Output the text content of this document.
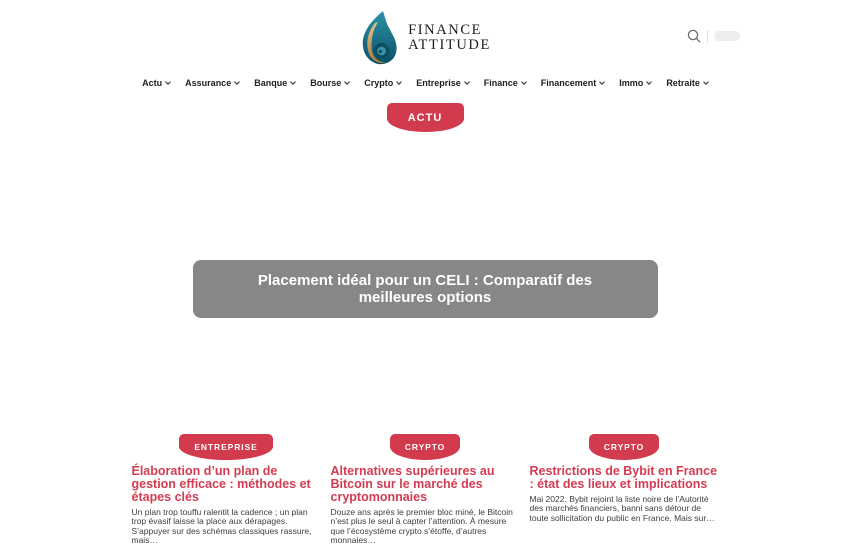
FINANCE
ATTITUDE
Actu	Assurance	Banque	Bourse	Crypto	Entreprise	Finance	Financement	Immo	Retraite
ACTU
Placement idéal pour un CELI : Comparatif des meilleures options
ENTREPRISE
Élaboration d’un plan de gestion efficace : méthodes et étapes clés

Un plan trop touffu ralentit la cadence ; un plan trop évasif laisse la place aux dérapages. S’appuyer sur des schémas classiques rassure, mais…

CRYPTO
Alternatives supérieures au Bitcoin sur le marché des cryptomonnaies

Douze ans après le premier bloc miné, le Bitcoin n’est plus le seul à capter l’attention. À mesure que l’écosystème crypto s’étoffe, d’autres monnaies…

CRYPTO
Restrictions de Bybit en France : état des lieux et implications

Mai 2022. Bybit rejoint la liste noire de l’Autorité des marchés financiers, banni sans détour de toute sollicitation du public en France. Mais sur…
